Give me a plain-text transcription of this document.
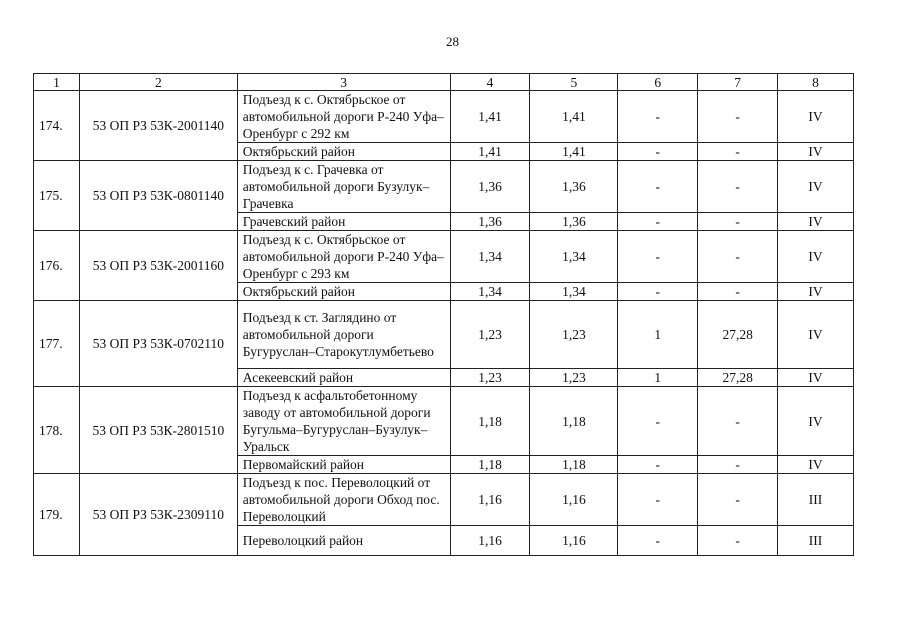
28
1	2	3	4	5	6	7	8
174.	53 ОП РЗ 53К-2001140	Подъезд к с. Октябрьское от автомобильной дороги Р-240 Уфа–Оренбург с 292 км	1,41	1,41	-	-	IV
		Октябрьский район	1,41	1,41	-	-	IV
175.	53 ОП РЗ 53К-0801140	Подъезд к с. Грачевка от автомобильной дороги Бузулук–Грачевка	1,36	1,36	-	-	IV
		Грачевский район	1,36	1,36	-	-	IV
176.	53 ОП РЗ 53К-2001160	Подъезд к с. Октябрьское от автомобильной дороги Р-240 Уфа–Оренбург с 293 км	1,34	1,34	-	-	IV
		Октябрьский район	1,34	1,34	-	-	IV
177.	53 ОП РЗ 53К-0702110	Подъезд к ст. Заглядино от автомобильной дороги Бугуруслан–Старокутлумбетьево	1,23	1,23	1	27,28	IV
		Асекеевский район	1,23	1,23	1	27,28	IV
178.	53 ОП РЗ 53К-2801510	Подъезд к асфальтобетонному заводу от автомобильной дороги Бугульма–Бугуруслан–Бузулук–Уральск	1,18	1,18	-	-	IV
		Первомайский район	1,18	1,18	-	-	IV
179.	53 ОП РЗ 53К-2309110	Подъезд к пос. Переволоцкий от автомобильной дороги Обход пос. Переволоцкий	1,16	1,16	-	-	III
		Переволоцкий район	1,16	1,16	-	-	III
